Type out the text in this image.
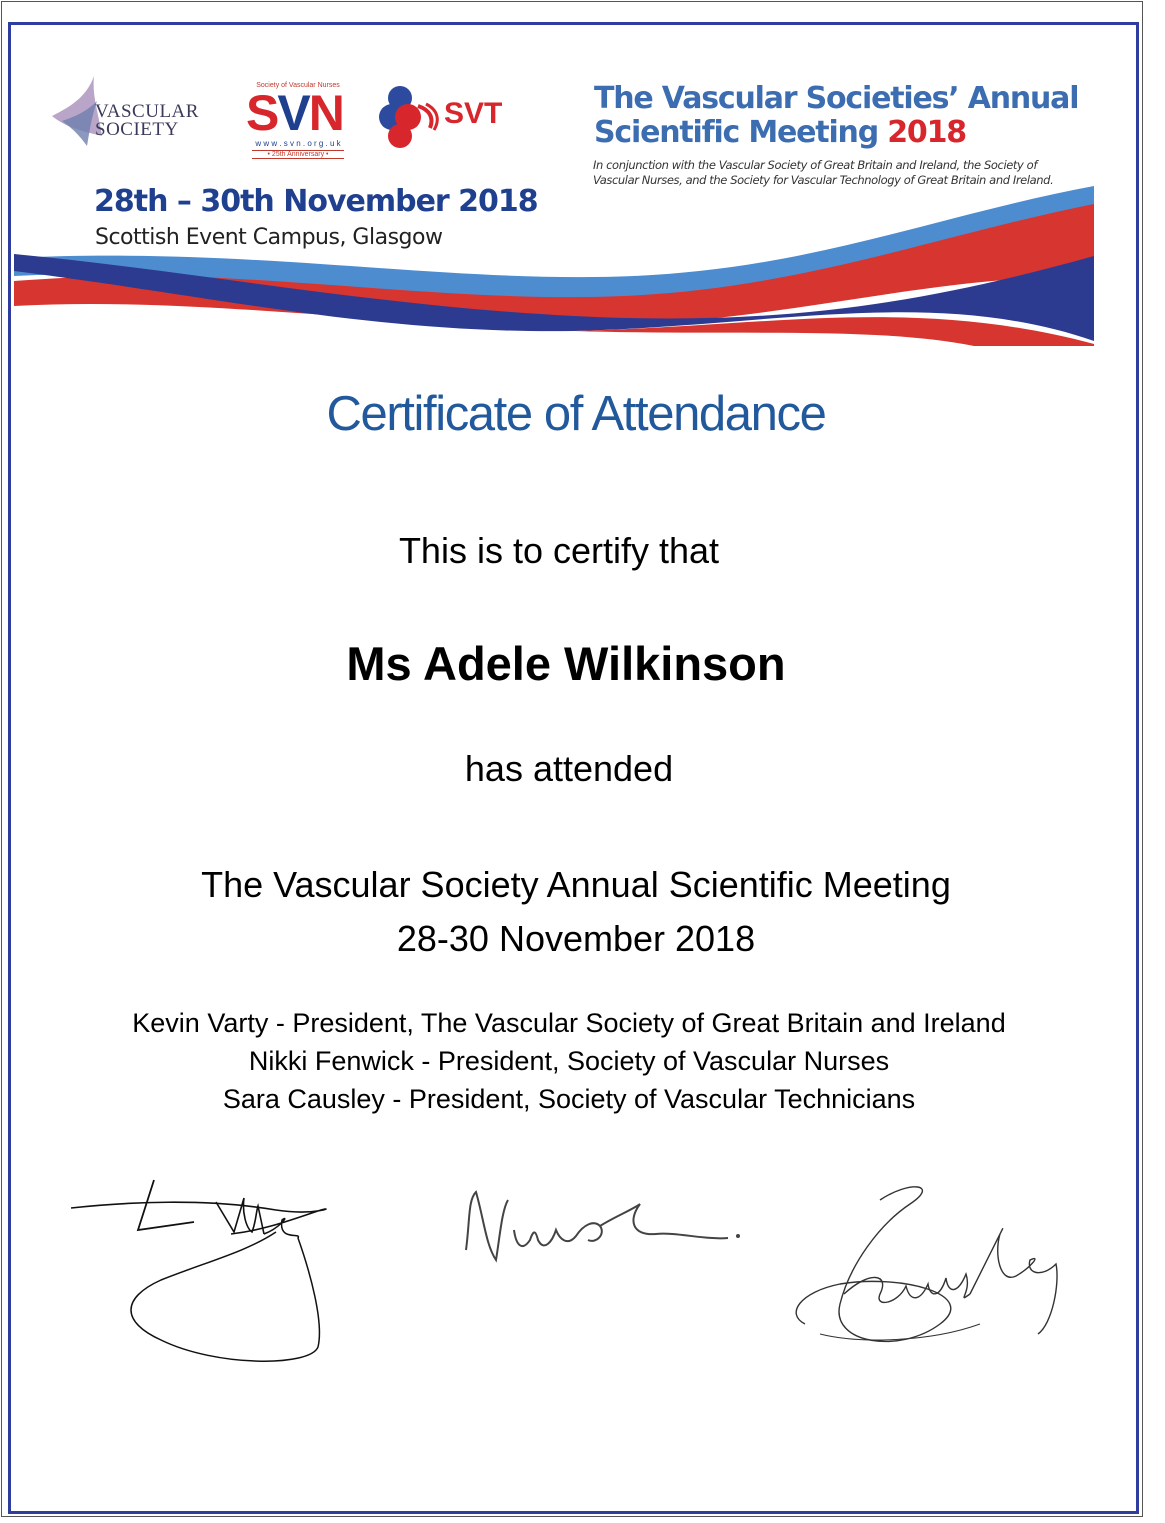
VASCULAR
SOCIETY
Society of Vascular Nurses
SVN
w w w . s v n . o r g . u k
• 25th Anniversary •
SVT	The Vascular Societies’ Annual
Scientific Meeting 2018
In conjunction with the Vascular Society of Great Britain and Ireland, the Society of
Vascular Nurses, and the Society for Vascular Technology of Great Britain and Ireland.
28th – 30th November 2018
Scottish Event Campus, Glasgow
Certificate of Attendance
This is to certify that
Ms Adele Wilkinson
has attended
The Vascular Society Annual Scientific Meeting
28-30 November 2018
Kevin Varty - President, The Vascular Society of Great Britain and Ireland
Nikki Fenwick - President, Society of Vascular Nurses
Sara Causley - President, Society of Vascular Technicians
